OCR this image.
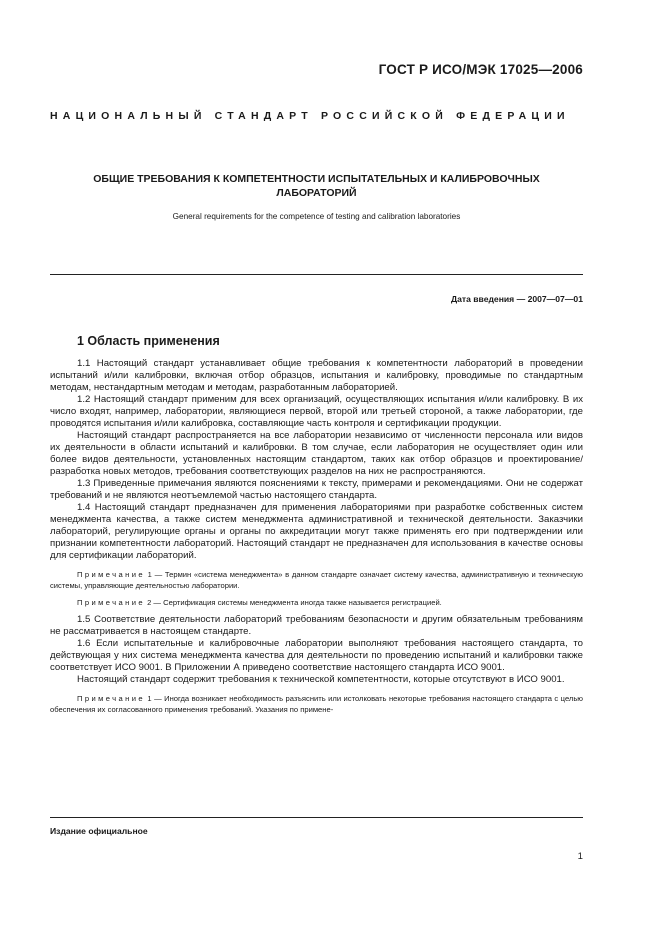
ГОСТ Р ИСО/МЭК 17025—2006
НАЦИОНАЛЬНЫЙ СТАНДАРТ РОССИЙСКОЙ ФЕДЕРАЦИИ
ОБЩИЕ ТРЕБОВАНИЯ К КОМПЕТЕНТНОСТИ ИСПЫТАТЕЛЬНЫХ И КАЛИБРОВОЧНЫХ ЛАБОРАТОРИЙ
General requirements for the competence of testing and calibration laboratories
Дата введения — 2007—07—01
1 Область применения

1.1 Настоящий стандарт устанавливает общие требования к компетентности лабораторий в проведении испытаний и/или калибровки, включая отбор образцов, испытания и калибровку, проводимые по стандартным методам, нестандартным методам и методам, разработанным лабораторией.

1.2 Настоящий стандарт применим для всех организаций, осуществляющих испытания и/или калибровку. В их число входят, например, лаборатории, являющиеся первой, второй или третьей стороной, а также лаборатории, где проводятся испытания и/или калибровка, составляющие часть контроля и сертификации продукции.

Настоящий стандарт распространяется на все лаборатории независимо от численности персонала или видов их деятельности в области испытаний и калибровки. В том случае, если лаборатория не осуществляет один или более видов деятельности, установленных настоящим стандартом, таких как отбор образцов и проектирование/разработка новых методов, требования соответствующих разделов на них не распространяются.

1.3 Приведенные примечания являются пояснениями к тексту, примерами и рекомендациями. Они не содержат требований и не являются неотъемлемой частью настоящего стандарта.

1.4 Настоящий стандарт предназначен для применения лабораториями при разработке собственных систем менеджмента качества, а также систем менеджмента административной и технической деятельности. Заказчики лабораторий, регулирующие органы и органы по аккредитации могут также применять его при подтверждении или признании компетентности лабораторий. Настоящий стандарт не предназначен для использования в качестве основы для сертификации лабораторий.

Примечание 1 — Термин «система менеджмента» в данном стандарте означает систему качества, административную и техническую системы, управляющие деятельностью лаборатории.

Примечание 2 — Сертификация системы менеджмента иногда также называется регистрацией.

1.5 Соответствие деятельности лабораторий требованиям безопасности и другим обязательным требованиям не рассматривается в настоящем стандарте.

1.6 Если испытательные и калибровочные лаборатории выполняют требования настоящего стандарта, то действующая у них система менеджмента качества для деятельности по проведению испытаний и калибровки также соответствует ИСО 9001. В Приложении А приведено соответствие настоящего стандарта ИСО 9001.

Настоящий стандарт содержит требования к технической компетентности, которые отсутствуют в ИСО 9001.

Примечание 1 — Иногда возникает необходимость разъяснить или истолковать некоторые требования настоящего стандарта с целью обеспечения их согласованного применения требований. Указания по примене-

Издание официальное
1
